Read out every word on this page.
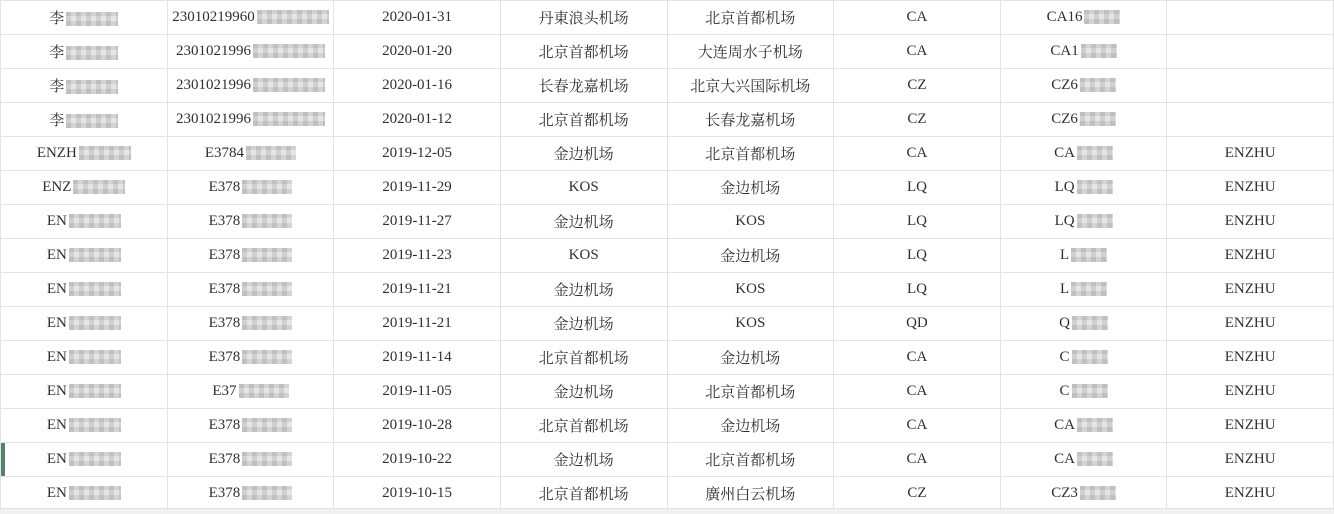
李	23010219960	2020-01-31	丹東浪头机场	北京首都机场	CA	CA16	
李	2301021996	2020-01-20	北京首都机场	大连周水子机场	CA	CA1	
李	2301021996	2020-01-16	长春龙嘉机场	北京大兴国际机场	CZ	CZ6	
李	2301021996	2020-01-12	北京首都机场	长春龙嘉机场	CZ	CZ6	
ENZH	E3784	2019-12-05	金边机场	北京首都机场	CA	CA	ENZHU
ENZ	E378	2019-11-29	KOS	金边机场	LQ	LQ	ENZHU
EN	E378	2019-11-27	金边机场	KOS	LQ	LQ	ENZHU
EN	E378	2019-11-23	KOS	金边机场	LQ	L	ENZHU
EN	E378	2019-11-21	金边机场	KOS	LQ	L	ENZHU
EN	E378	2019-11-21	金边机场	KOS	QD	Q	ENZHU
EN	E378	2019-11-14	北京首都机场	金边机场	CA	C	ENZHU
EN	E37	2019-11-05	金边机场	北京首都机场	CA	C	ENZHU
EN	E378	2019-10-28	北京首都机场	金边机场	CA	CA	ENZHU
EN	E378	2019-10-22	金边机场	北京首都机场	CA	CA	ENZHU
EN	E378	2019-10-15	北京首都机场	廣州白云机场	CZ	CZ3	ENZHU
